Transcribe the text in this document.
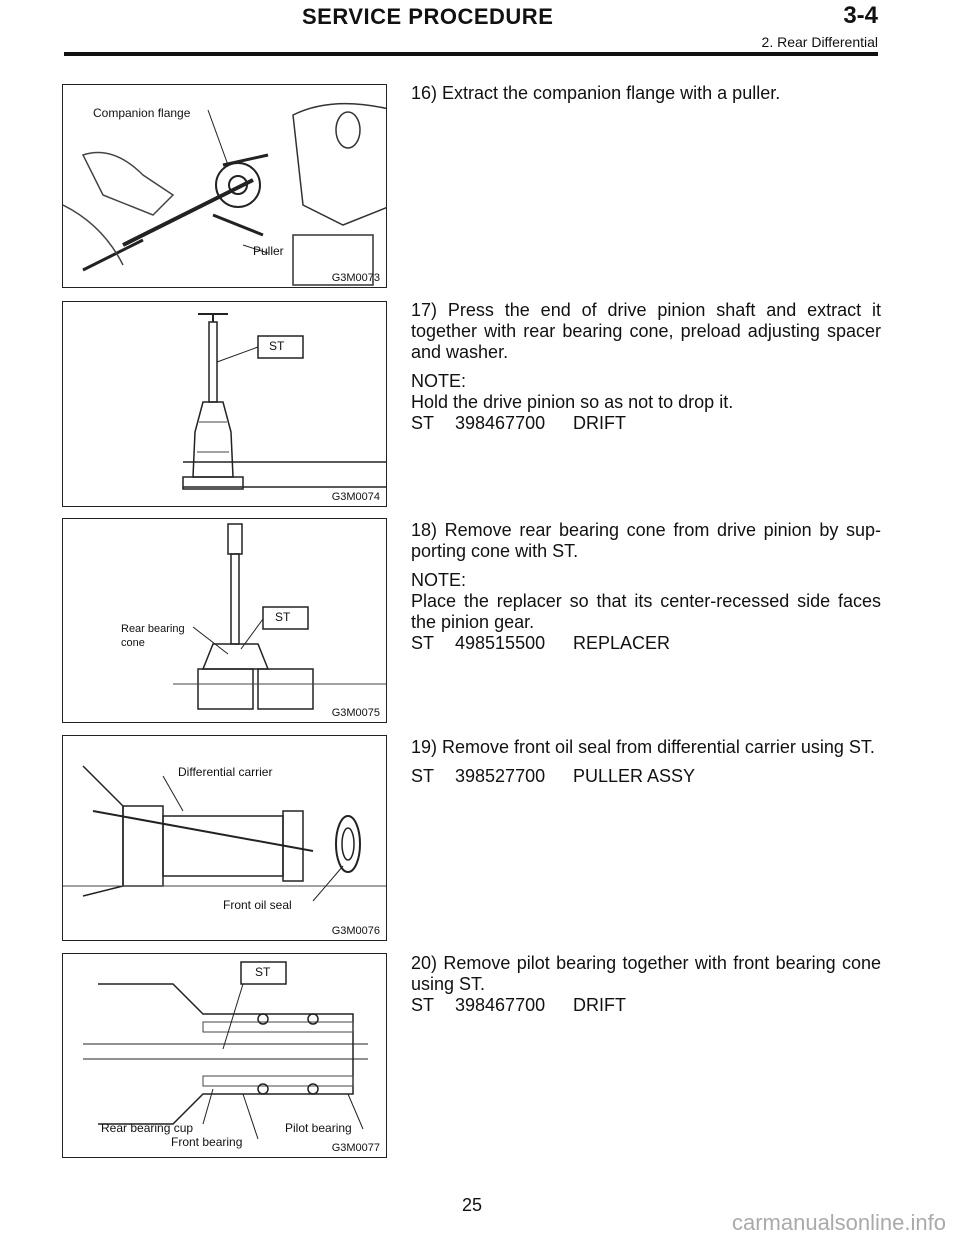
SERVICE PROCEDURE	3-4
2. Rear Differential
Companion flange
Puller
G3M0073
ST
G3M0074
Rear bearing
cone
ST
G3M0075
Differential carrier
Front oil seal
G3M0076
ST
Rear bearing cup
Front bearing
Pilot bearing
G3M0077

16) Extract the companion flange with a puller.

17) Press the end of drive pinion shaft and extract it together with rear bearing cone, preload adjusting spacer and washer.

NOTE:

Hold the drive pinion so as not to drop it.

ST 398467700 DRIFT

18) Remove rear bearing cone from drive pinion by sup-porting cone with ST.

NOTE:

Place the replacer so that its center-recessed side faces the pinion gear.

ST 498515500 REPLACER

19) Remove front oil seal from differential carrier using ST.

ST 398527700 PULLER ASSY

20) Remove pilot bearing together with front bearing cone using ST.

ST 398467700 DRIFT

25
carmanualsonline.info
